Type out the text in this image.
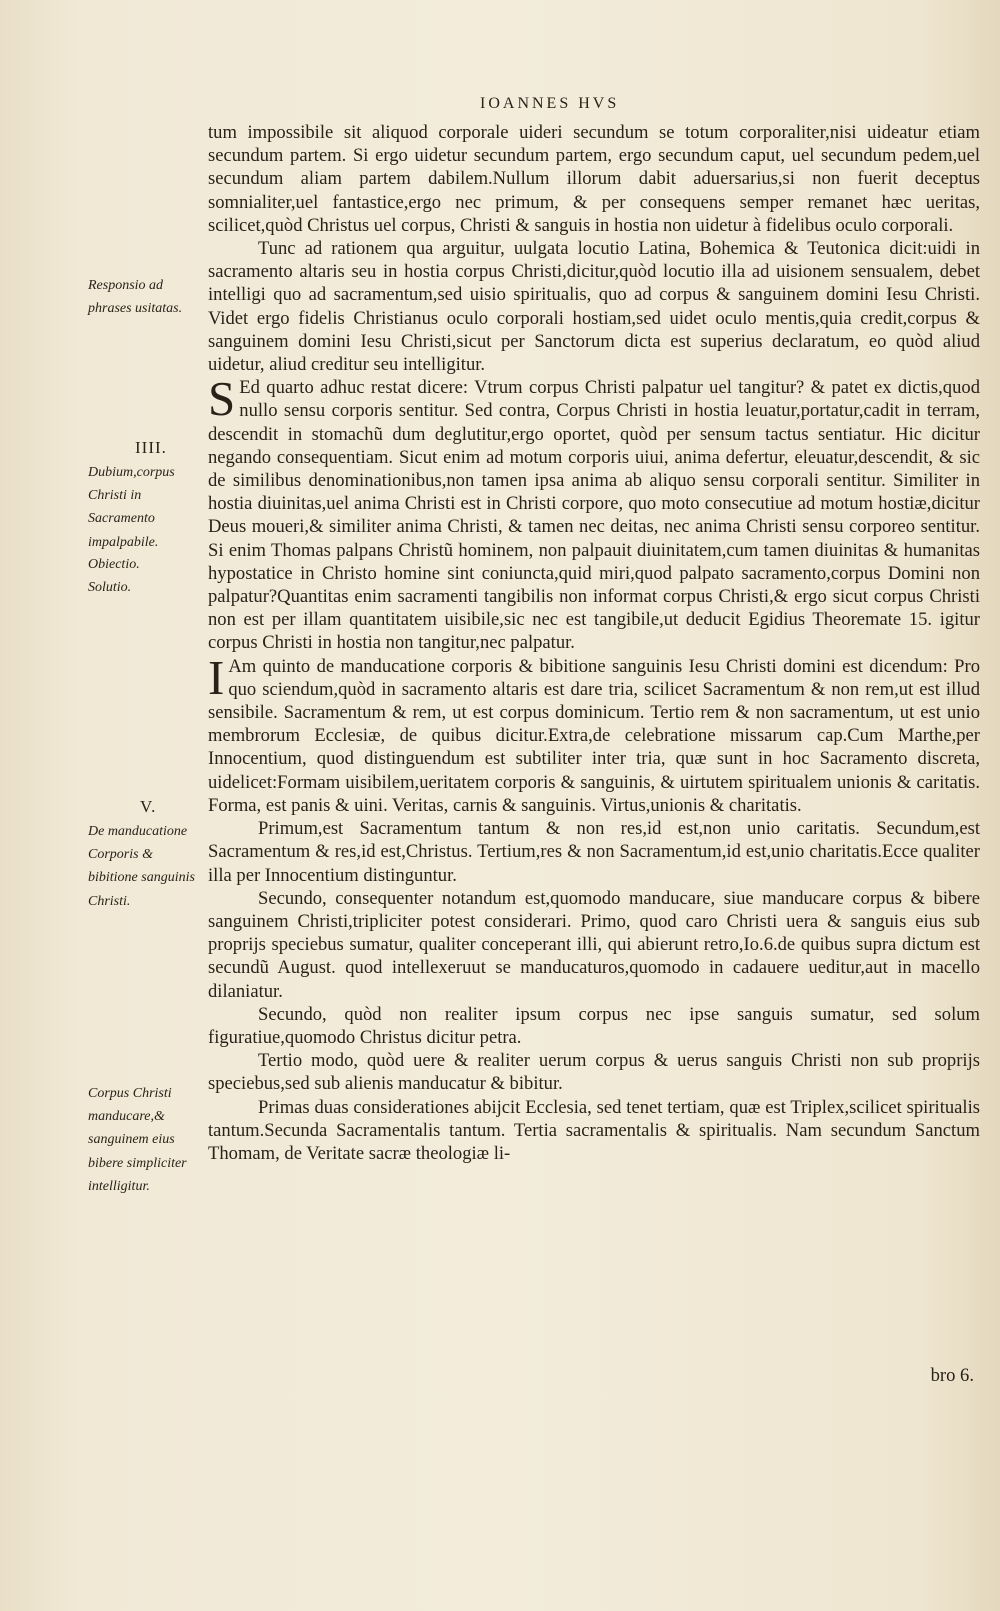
IOANNES HVS
Responsio ad phrases usitatas.
IIII.
Dubium,corpus Christi in Sacramento impalpabile.
Obiectio.
Solutio.
V.
De manducatione Corporis & bibitione sanguinis Christi.
Corpus Christi manducare,& sanguinem eius bibere simpliciter intelligitur.

tum impossibile sit aliquod corporale uideri secundum se totum corporaliter,nisi uideatur etiam secundum partem. Si ergo uidetur secundum partem, ergo secundum caput, uel secundum pedem,uel secundum aliam partem dabilem.Nullum illorum dabit aduersarius,si non fuerit deceptus somnialiter,uel fantastice,ergo nec primum, & per consequens semper remanet hæc ueritas, scilicet,quòd Christus uel corpus, Christi & sanguis in hostia non uidetur à fidelibus oculo corporali.

Tunc ad rationem qua arguitur, uulgata locutio Latina, Bohemica & Teutonica dicit:uidi in sacramento altaris seu in hostia corpus Christi,dicitur,quòd locutio illa ad uisionem sensualem, debet intelligi quo ad sacramentum,sed uisio spiritualis, quo ad corpus & sanguinem domini Iesu Christi. Videt ergo fidelis Christianus oculo corporali hostiam,sed uidet oculo mentis,quia credit,corpus & sanguinem domini Iesu Christi,sicut per Sanctorum dicta est superius declaratum, eo quòd aliud uidetur, aliud creditur seu intelligitur.

S Ed quarto adhuc restat dicere: Vtrum corpus Christi palpatur uel tangitur? & patet ex dictis,quod nullo sensu corporis sentitur. Sed contra, Corpus Christi in hostia leuatur,portatur,cadit in terram, descendit in stomachũ dum deglutitur,ergo oportet, quòd per sensum tactus sentiatur. Hic dicitur negando consequentiam. Sicut enim ad motum corporis uiui, anima defertur, eleuatur,descendit, & sic de similibus denominationibus,non tamen ipsa anima ab aliquo sensu corporali sentitur. Similiter in hostia diuinitas,uel anima Christi est in Christi corpore, quo moto consecutiue ad motum hostiæ,dicitur Deus moueri,& similiter anima Christi, & tamen nec deitas, nec anima Christi sensu corporeo sentitur. Si enim Thomas palpans Christũ hominem, non palpauit diuinitatem,cum tamen diuinitas & humanitas hypostatice in Christo homine sint coniuncta,quid miri,quod palpato sacramento,corpus Domini non palpatur?Quantitas enim sacramenti tangibilis non informat corpus Christi,& ergo sicut corpus Christi non est per illam quantitatem uisibile,sic nec est tangibile,ut deducit Egidius Theoremate 15. igitur corpus Christi in hostia non tangitur,nec palpatur.

I Am quinto de manducatione corporis & bibitione sanguinis Iesu Christi domini est dicendum: Pro quo sciendum,quòd in sacramento altaris est dare tria, scilicet Sacramentum & non rem,ut est illud sensibile. Sacramentum & rem, ut est corpus dominicum. Tertio rem & non sacramentum, ut est unio membrorum Ecclesiæ, de quibus dicitur.Extra,de celebratione missarum cap.Cum Marthe,per Innocentium, quod distinguendum est subtiliter inter tria, quæ sunt in hoc Sacramento discreta, uidelicet:Formam uisibilem,ueritatem corporis & sanguinis, & uirtutem spiritualem unionis & caritatis. Forma, est panis & uini. Veritas, carnis & sanguinis. Virtus,unionis & charitatis.

Primum,est Sacramentum tantum & non res,id est,non unio caritatis. Secundum,est Sacramentum & res,id est,Christus. Tertium,res & non Sacramentum,id est,unio charitatis.Ecce qualiter illa per Innocentium distinguntur.

Secundo, consequenter notandum est,quomodo manducare, siue manducare corpus & bibere sanguinem Christi,tripliciter potest considerari. Primo, quod caro Christi uera & sanguis eius sub proprijs speciebus sumatur, qualiter conceperant illi, qui abierunt retro,Io.6.de quibus supra dictum est secundũ August. quod intellexeruut se manducaturos,quomodo in cadauere ueditur,aut in macello dilaniatur.

Secundo, quòd non realiter ipsum corpus nec ipse sanguis sumatur, sed solum figuratiue,quomodo Christus dicitur petra.

Tertio modo, quòd uere & realiter uerum corpus & uerus sanguis Christi non sub proprijs speciebus,sed sub alienis manducatur & bibitur.

Primas duas considerationes abijcit Ecclesia, sed tenet tertiam, quæ est Triplex,scilicet spiritualis tantum.Secunda Sacramentalis tantum. Tertia sacramentalis & spiritualis. Nam secundum Sanctum Thomam, de Veritate sacræ theologiæ li-

bro 6.
